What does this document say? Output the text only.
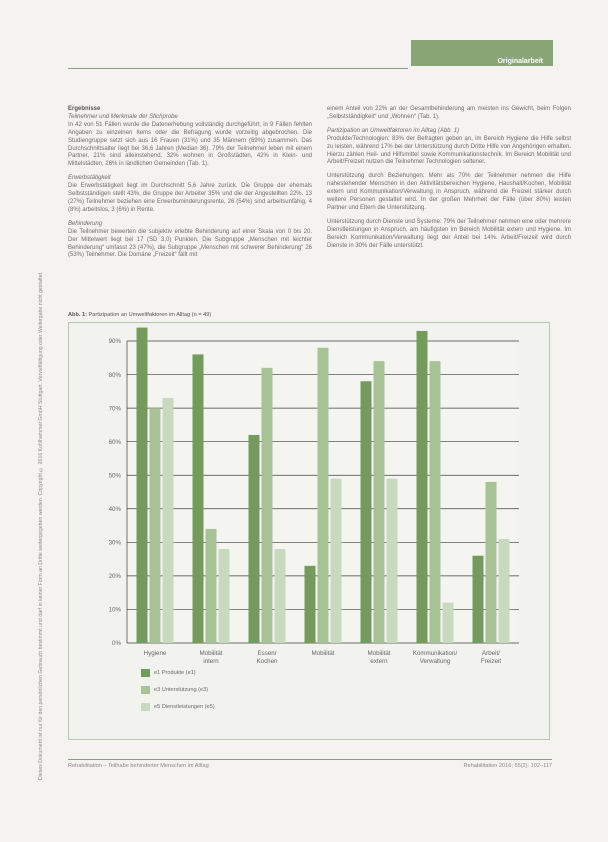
Dieses Dokument ist nur für den persönlichen Gebrauch bestimmt und darf in keiner Form an Dritte weitergegeben werden. Copyright © 2016 Kohlhammer GmbH Stuttgart. Vervielfältigung oder Weitergabe nicht gestattet.
Originalarbeit
Ergebnisse
Teilnehmer und Merkmale der Stichprobe

In 42 von 51 Fällen wurde die Datenerhebung vollständig durchgeführt; in 9 Fällen fehlten Angaben zu einzelnen Items oder die Befragung wurde vorzeitig abgebrochen. Die Studiengruppe setzt sich aus 16 Frauen (31%) und 35 Männern (69%) zusammen. Das Durchschnittsalter liegt bei 36,6 Jahren (Median 36). 79% der Teilnehmer leben mit einem Partner, 21% sind alleinstehend. 32% wohnen in Großstädten, 42% in Klein- und Mittelstädten, 26% in ländlichen Gemeinden (Tab. 1).

Erwerbstätigkeit

Die Erwerbstätigkeit liegt im Durchschnitt 5,6 Jahre zurück. Die Gruppe der ehemals Selbstständigen stellt 43%, die Gruppe der Arbeiter 35% und die der Angestellten 22%. 13 (27%) Teilnehmer beziehen eine Erwerbsminderungsrente, 26 (54%) sind arbeitsunfähig, 4 (8%) arbeitslos, 3 (6%) in Rente.

Behinderung

Die Teilnehmer bewerten die subjektiv erlebte Behinderung auf einer Skala von 0 bis 20. Der Mittelwert liegt bei 17 (SD 3,0) Punkten. Die Subgruppe „Menschen mit leichter Behinderung“ umfasst 23 (47%), die Subgruppe „Menschen mit schwerer Behinderung“ 26 (53%) Teilnehmer. Die Domäne „Freizeit“ fällt mit

einem Anteil von 22% an der Gesamtbehinderung am meisten ins Gewicht, beim Folgen „Selbstständigkeit“ und „Wohnen“ (Tab. 1).

Partizipation an Umweltfaktoren im Alltag (Abb. 1)

Produkte/Technologien: 83% der Befragten geben an, im Bereich Hygiene die Hilfe selbst zu leisten, während 17% bei der Unterstützung durch Dritte Hilfe von Angehörigen erhalten. Hierzu zählen Heil- und Hilfsmittel sowie Kommunikationstechnik. Im Bereich Mobilität und Arbeit/Freizeit nutzen die Teilnehmer Technologien seltener.

Unterstützung durch Beziehungen: Mehr als 70% der Teilnehmer nehmen die Hilfe nahestehender Menschen in den Aktivitätsbereichen Hygiene, Haushalt/Kochen, Mobilität extern und Kommunikation/Verwaltung in Anspruch, während die Freizeit stärker durch weitere Personen gestaltet wird. In der großen Mehrheit der Fälle (über 80%) leisten Partner und Eltern die Unterstützung.

Unterstützung durch Dienste und Systeme: 79% der Teilnehmer nehmen eine oder mehrere Dienstleistungen in Anspruch, am häufigsten im Bereich Mobilität extern und Hygiene. Im Bereich Kommunikation/Verwaltung liegt der Anteil bei 14%. Arbeit/Freizeit wird durch Dienste in 30% der Fälle unterstützt.

Abb. 1: Partizipation an Umweltfaktoren im Alltag (n = 49)
0%
10%
20%
30%
40%
50%
60%
70%
80%
90%
Hygiene	Mobilität
intern
Essen/
Kochen
Mobilität	Mobilität
extern
Kommunikation/
Verwaltung
Arbeit/
Freizeit
e1 Produkte (e1)
e3 Unterstützung (e3)
e5 Dienstleistungen (e5)
Rehabilitation – Teilhabe behinderter Menschen im Alltag	Rehabilitation 2016; 55(2): 102–117
